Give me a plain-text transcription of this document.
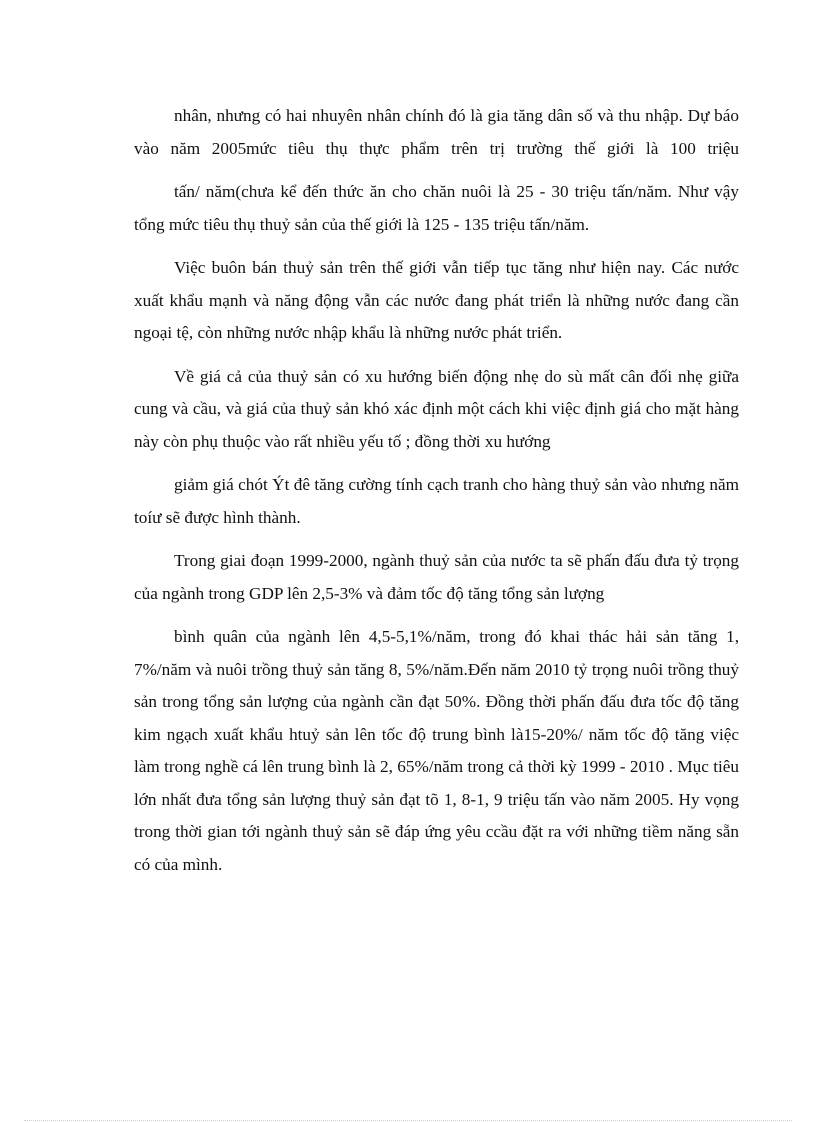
nhân, nhưng có hai nhuyên nhân chính đó là gia tăng dân số và thu nhập. Dự báo vào năm 2005mức tiêu thụ thực phẩm trên trị trường thế giới là 100 triệu

tấn/ năm(chưa kể đến thức ăn cho chăn nuôi là 25 - 30 triệu tấn/năm. Như vậy tổng mức tiêu thụ thuỷ sản của thế giới là 125 - 135 triệu tấn/năm.

Việc buôn bán thuỷ sản trên thế giới vẫn tiếp tục tăng như hiện nay. Các nước xuất khẩu mạnh và năng động vẫn các nước đang phát triển là những nước đang cần ngoại tệ, còn những nước nhập khẩu là những nước phát triển.

Về giá cả của thuỷ sản có xu hướng biến động nhẹ do sù mất cân đối nhẹ giữa cung và cầu, và giá của thuỷ sản khó xác định một cách khi việc định giá cho mặt hàng này còn phụ thuộc vào rất nhiều yếu tố ; đồng thời xu hướng

giảm giá chót Ýt đê tăng cường tính cạch tranh cho hàng thuỷ sản vào nhưng năm toíư sẽ được hình thành.

Trong giai đoạn 1999-2000, ngành thuỷ sản của nước ta sẽ phấn đấu đưa tỷ trọng của ngành trong GDP lên 2,5-3% và đảm tốc độ tăng tổng sản lượng

bình quân của ngành lên 4,5-5,1%/năm, trong đó khai thác hải sản tăng 1, 7%/năm và nuôi trồng thuỷ sản tăng 8, 5%/năm.Đến năm 2010 tỷ trọng nuôi trồng thuỷ sản trong tổng sản lượng của ngành cần đạt 50%. Đồng thời phấn đấu đưa tốc độ tăng kim ngạch xuất khẩu htuỷ sản lên tốc độ trung bình là15-20%/ năm tốc độ tăng việc làm trong nghề cá lên trung bình là 2, 65%/năm trong cả thời kỳ 1999 - 2010 . Mục tiêu lớn nhất đưa tổng sản lượng thuỷ sản đạt tõ 1, 8-1, 9 triệu tấn vào năm 2005. Hy vọng trong thời gian tới ngành thuỷ sản sẽ đáp ứng yêu ccầu đặt ra với những tiềm năng sẵn có của mình.
